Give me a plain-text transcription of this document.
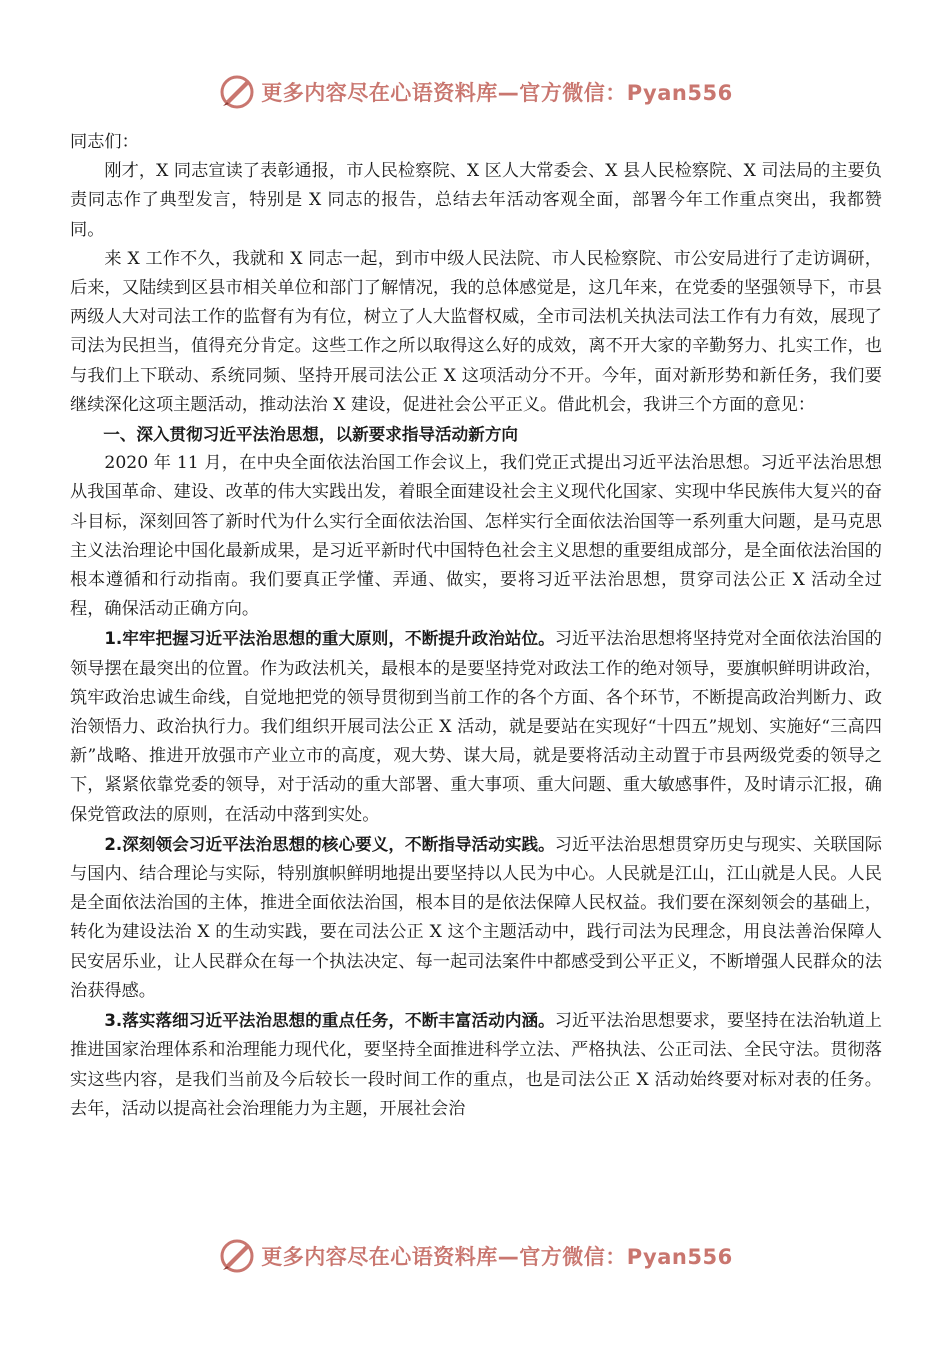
更多内容尽在心语资料库—官方微信：Pyan556

同志们：

刚才，X 同志宣读了表彰通报，市人民检察院、X 区人大常委会、X 县人民检察院、X 司法局的主要负责同志作了典型发言，特别是 X 同志的报告，总结去年活动客观全面，部署今年工作重点突出，我都赞同。

来 X 工作不久，我就和 X 同志一起，到市中级人民法院、市人民检察院、市公安局进行了走访调研，后来，又陆续到区县市相关单位和部门了解情况，我的总体感觉是，这几年来，在党委的坚强领导下，市县两级人大对司法工作的监督有为有位，树立了人大监督权威，全市司法机关执法司法工作有力有效，展现了司法为民担当，值得充分肯定。这些工作之所以取得这么好的成效，离不开大家的辛勤努力、扎实工作，也与我们上下联动、系统同频、坚持开展司法公正 X 这项活动分不开。今年，面对新形势和新任务，我们要继续深化这项主题活动，推动法治 X 建设，促进社会公平正义。借此机会，我讲三个方面的意见：

一、深入贯彻习近平法治思想，以新要求指导活动新方向

2020 年 11 月，在中央全面依法治国工作会议上，我们党正式提出习近平法治思想。习近平法治思想从我国革命、建设、改革的伟大实践出发，着眼全面建设社会主义现代化国家、实现中华民族伟大复兴的奋斗目标，深刻回答了新时代为什么实行全面依法治国、怎样实行全面依法治国等一系列重大问题，是马克思主义法治理论中国化最新成果，是习近平新时代中国特色社会主义思想的重要组成部分，是全面依法治国的根本遵循和行动指南。我们要真正学懂、弄通、做实，要将习近平法治思想，贯穿司法公正 X 活动全过程，确保活动正确方向。

1.牢牢把握习近平法治思想的重大原则，不断提升政治站位。习近平法治思想将坚持党对全面依法治国的领导摆在最突出的位置。作为政法机关，最根本的是要坚持党对政法工作的绝对领导，要旗帜鲜明讲政治，筑牢政治忠诚生命线，自觉地把党的领导贯彻到当前工作的各个方面、各个环节，不断提高政治判断力、政治领悟力、政治执行力。我们组织开展司法公正 X 活动，就是要站在实现好“十四五”规划、实施好“三高四新”战略、推进开放强市产业立市的高度，观大势、谋大局，就是要将活动主动置于市县两级党委的领导之下，紧紧依靠党委的领导，对于活动的重大部署、重大事项、重大问题、重大敏感事件，及时请示汇报，确保党管政法的原则，在活动中落到实处。

2.深刻领会习近平法治思想的核心要义，不断指导活动实践。习近平法治思想贯穿历史与现实、关联国际与国内、结合理论与实际，特别旗帜鲜明地提出要坚持以人民为中心。人民就是江山，江山就是人民。人民是全面依法治国的主体，推进全面依法治国，根本目的是依法保障人民权益。我们要在深刻领会的基础上，转化为建设法治 X 的生动实践，要在司法公正 X 这个主题活动中，践行司法为民理念，用良法善治保障人民安居乐业，让人民群众在每一个执法决定、每一起司法案件中都感受到公平正义，不断增强人民群众的法治获得感。

3.落实落细习近平法治思想的重点任务，不断丰富活动内涵。习近平法治思想要求，要坚持在法治轨道上推进国家治理体系和治理能力现代化，要坚持全面推进科学立法、严格执法、公正司法、全民守法。贯彻落实这些内容，是我们当前及今后较长一段时间工作的重点，也是司法公正 X 活动始终要对标对表的任务。去年，活动以提高社会治理能力为主题，开展社会治

更多内容尽在心语资料库—官方微信：Pyan556
